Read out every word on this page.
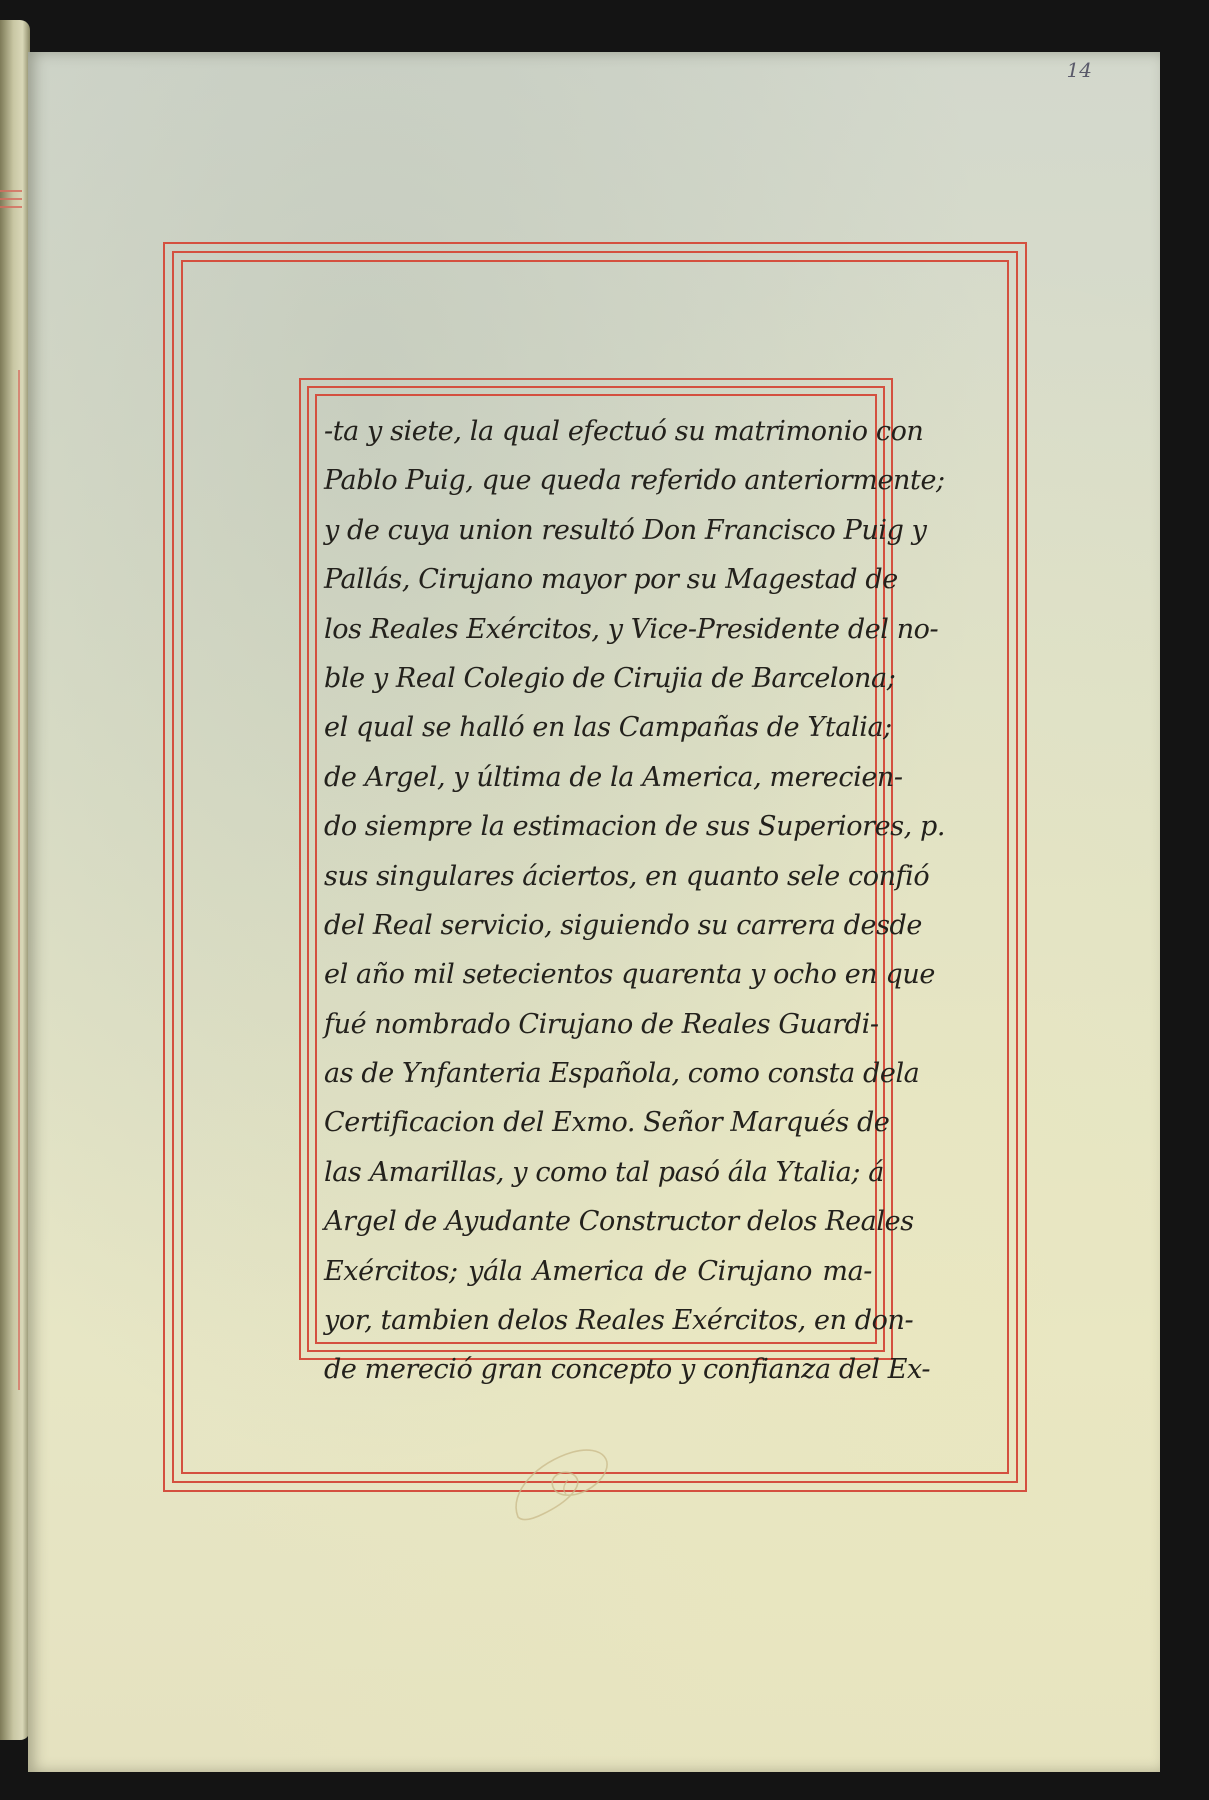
14
-ta y siete, la qual efectuó su matrimonio con
Pablo Puig, que queda referido anteriormente;
y de cuya union resultó Don Francisco Puig y
Pallás, Cirujano mayor por su Magestad de
los Reales Exércitos, y Vice-Presidente del no-
ble y Real Colegio de Cirujia de Barcelona;
el qual se halló en las Campañas de Ytalia;
de Argel, y última de la America, merecien-
do siempre la estimacion de sus Superiores, p.
sus singulares áciertos, en quanto sele confió
del Real servicio, siguiendo su carrera desde
el año mil setecientos quarenta y ocho en que
fué nombrado Cirujano de Reales Guardi-
as de Ynfanteria Española, como consta dela
Certificacion del Exmo. Señor Marqués de
las Amarillas, y como tal pasó ála Ytalia; á
Argel de Ayudante Constructor delos Reales
Exércitos; yála America de Cirujano ma-
yor, tambien delos Reales Exércitos, en don-
de mereció gran concepto y confianza del Ex-
